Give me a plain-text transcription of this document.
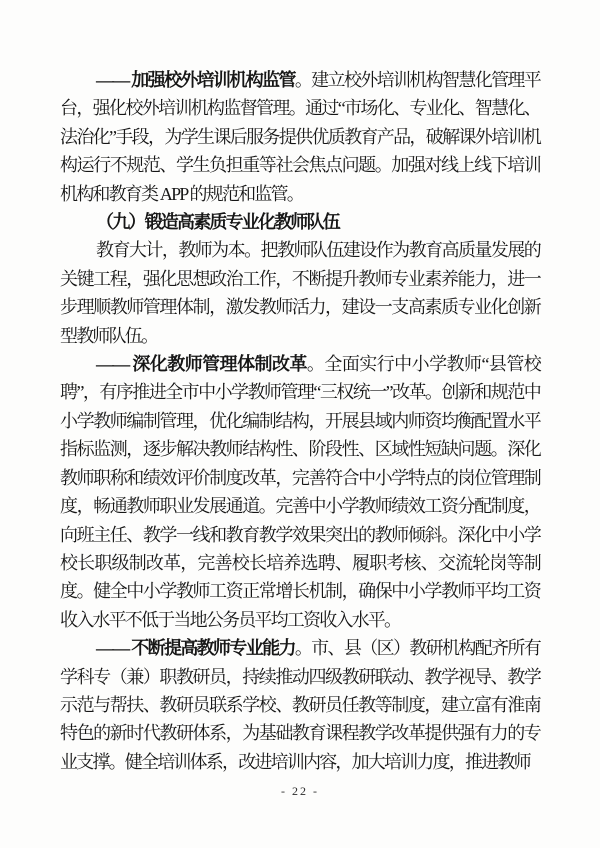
—— 加强校外培训机构监管。建立校外培训机构智慧化管理平台，强化校外培训机构监督管理。通过“市场化、专业化、智慧化、法治化”手段，为学生课后服务提供优质教育产品，破解课外培训机构运行不规范、学生负担重等社会焦点问题。加强对线上线下培训机构和教育类 APP 的规范和监管。

（九）锻造高素质专业化教师队伍

教育大计，教师为本。把教师队伍建设作为教育高质量发展的关键工程，强化思想政治工作，不断提升教师专业素养能力，进一步理顺教师管理体制，激发教师活力，建设一支高素质专业化创新型教师队伍。

—— 深化教师管理体制改革。全面实行中小学教师“县管校聘”，有序推进全市中小学教师管理“三权统一”改革。创新和规范中小学教师编制管理，优化编制结构，开展县域内师资均衡配置水平指标监测，逐步解决教师结构性、阶段性、区域性短缺问题。深化教师职称和绩效评价制度改革，完善符合中小学特点的岗位管理制度，畅通教师职业发展通道。完善中小学教师绩效工资分配制度，向班主任、教学一线和教育教学效果突出的教师倾斜。深化中小学校长职级制改革，完善校长培养选聘、履职考核、交流轮岗等制度。健全中小学教师工资正常增长机制，确保中小学教师平均工资收入水平不低于当地公务员平均工资收入水平。

—— 不断提高教师专业能力。市、县（区）教研机构配齐所有学科专（兼）职教研员，持续推动四级教研联动、教学视导、教学示范与帮扶、教研员联系学校、教研员任教等制度，建立富有淮南特色的新时代教研体系，为基础教育课程教学改革提供强有力的专业支撑。健全培训体系，改进培训内容，加大培训力度，推进教师

- 22 -
